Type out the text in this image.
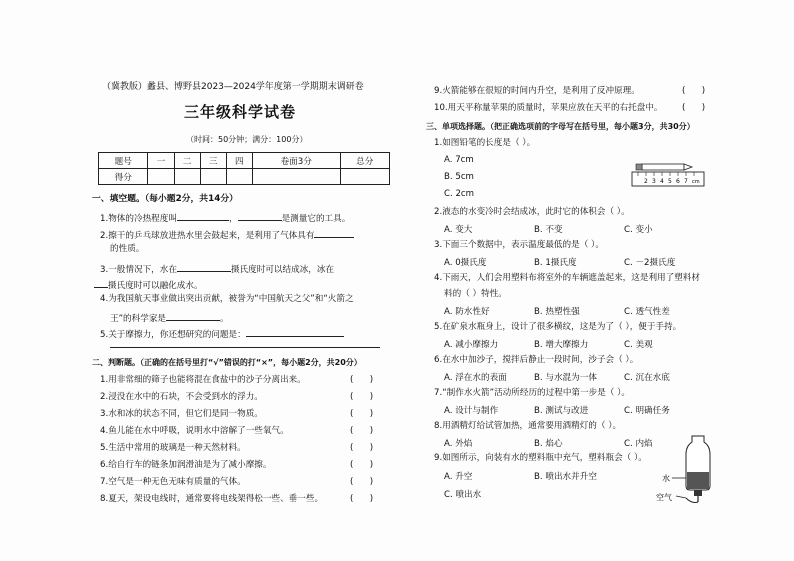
（冀教版）蠡县、博野县2023—2024学年度第一学期期末调研卷
三年级科学试卷
（时间：50分钟；满分：100分）
题号	一	二	三	四	卷面3分	总分
得分						
一、填空题。（每小题2分，共14分）
1.物体的冷热程度叫	，	是测量它的工具。
2.擦干的乒乓球放进热水里会鼓起来，是利用了气体具有
的性质。
3.一般情况下，水在	摄氏度时可以结成冰，冰在
摄氏度时可以融化成水。
4.为我国航天事业做出突出贡献，被誉为“中国航天之父”和“火箭之
王”的科学家是	。
5.关于摩擦力，你还想研究的问题是：
二、判断题。（正确的在括号里打“√”错误的打“×”，每小题2分，共20分）
1.用非常细的筛子也能将混在食盐中的沙子分离出来。	(      )
2.浸没在水中的石块，不会受到水的浮力。	(      )
3.水和冰的状态不同，但它们是同一物质。	(      )
4.鱼儿能在水中呼吸，说明水中溶解了一些氧气。	(      )
5.生活中常用的玻璃是一种天然材料。	(      )
6.给自行车的链条加润滑油是为了减小摩擦。	(      )
7.空气是一种无色无味有质量的气体。	(      )
8.夏天，架设电线时，通常要将电线架得松一些、垂一些。	(      )
9.火箭能够在很短的时间内升空，是利用了反冲原理。	(      )
10.用天平称量苹果的质量时，苹果应放在天平的右托盘中。 (      )
三、单项选择题。（把正确选项前的字母写在括号里，每小题3分，共30分）
1.如图铅笔的长度是（ ）。
A. 7cm
B. 5cm
C. 2cm
2 3 4 5 6 7 cm
2.液态的水变冷时会结成冰，此时它的体积会（ ）。
A. 变大	B. 不变	C. 变小
3.下面三个数据中，表示温度最低的是（ ）。
A. 0摄氏度	B. 1摄氏度	C. －2摄氏度
4.下雨天，人们会用塑料布将室外的车辆遮盖起来，这是利用了塑料材
料的（ ）特性。
A. 防水性好	B. 热塑性强	C. 透气性差
5.在矿泉水瓶身上，设计了很多横纹，这是为了（ ），便于手持。
A. 减小摩擦力	B. 增大摩擦力	C. 美观
6.在水中加沙子，搅拌后静止一段时间，沙子会（ ）。
A. 浮在水的表面	B. 与水混为一体	C. 沉在水底
7.“制作水火箭”活动所经历的过程中第一步是（ ）。
A. 设计与制作	B. 测试与改进	C. 明确任务
8.用酒精灯给试管加热，通常要用酒精灯的（ ）。
A. 外焰	B. 焰心	C. 内焰
9.如图所示，向装有水的塑料瓶中充气，塑料瓶会（ ）。
A. 升空	B. 喷出水并升空
C. 喷出水
水
空气
